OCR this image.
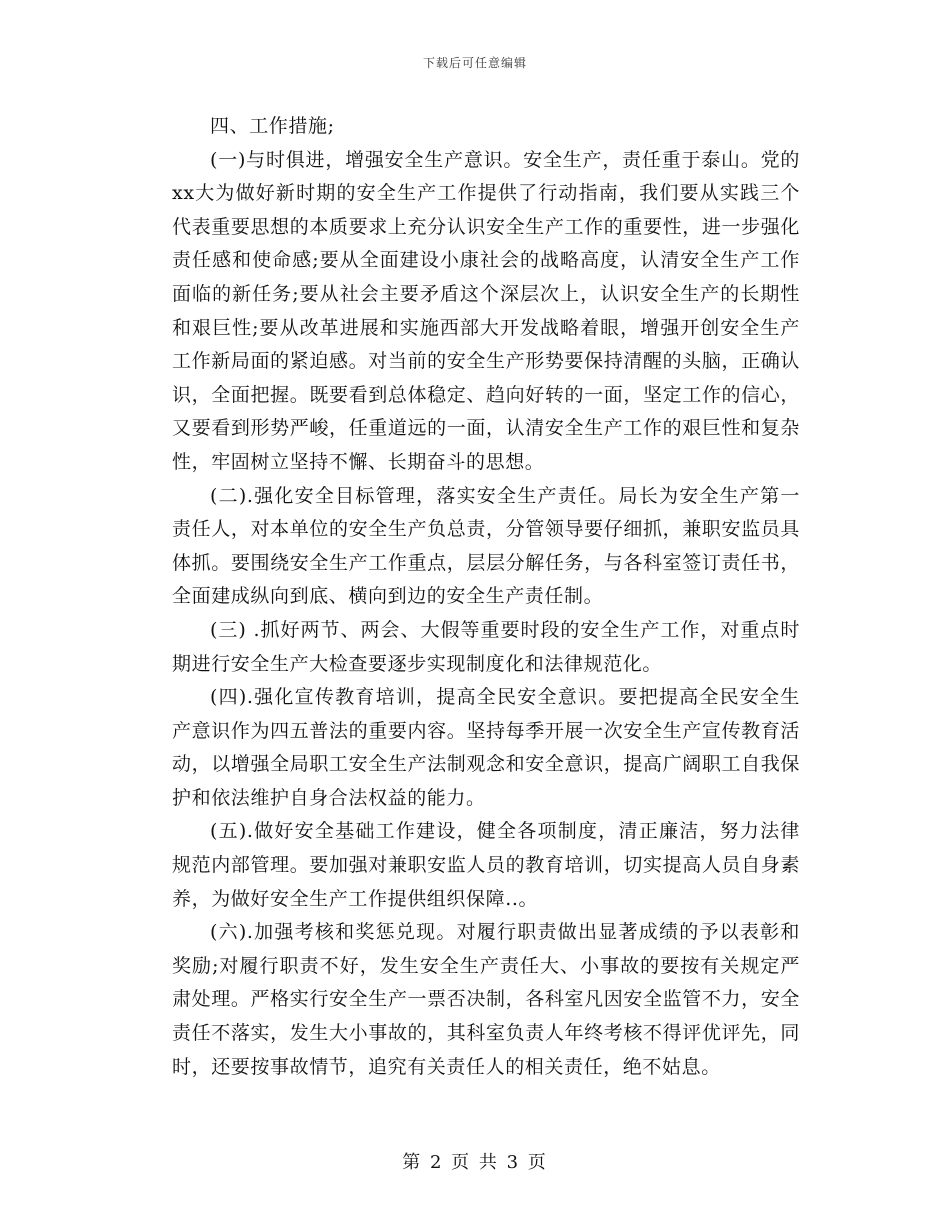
下载后可任意编辑

四、工作措施;

(一)与时俱进，增强安全生产意识。安全生产，责任重于泰山。党的xx大为做好新时期的安全生产工作提供了行动指南，我们要从实践三个代表重要思想的本质要求上充分认识安全生产工作的重要性，进一步强化责任感和使命感;要从全面建设小康社会的战略高度，认清安全生产工作面临的新任务;要从社会主要矛盾这个深层次上，认识安全生产的长期性和艰巨性;要从改革进展和实施西部大开发战略着眼，增强开创安全生产工作新局面的紧迫感。对当前的安全生产形势要保持清醒的头脑，正确认识，全面把握。既要看到总体稳定、趋向好转的一面，坚定工作的信心，又要看到形势严峻，任重道远的一面，认清安全生产工作的艰巨性和复杂性，牢固树立坚持不懈、长期奋斗的思想。

(二).强化安全目标管理，落实安全生产责任。局长为安全生产第一责任人，对本单位的安全生产负总责，分管领导要仔细抓，兼职安监员具体抓。要围绕安全生产工作重点，层层分解任务，与各科室签订责任书，全面建成纵向到底、横向到边的安全生产责任制。

(三) .抓好两节、两会、大假等重要时段的安全生产工作，对重点时期进行安全生产大检查要逐步实现制度化和法律规范化。

(四).强化宣传教育培训，提高全民安全意识。要把提高全民安全生产意识作为四五普法的重要内容。坚持每季开展一次安全生产宣传教育活动，以增强全局职工安全生产法制观念和安全意识，提高广阔职工自我保护和依法维护自身合法权益的能力。

(五).做好安全基础工作建设，健全各项制度，清正廉洁，努力法律规范内部管理。要加强对兼职安监人员的教育培训，切实提高人员自身素养，为做好安全生产工作提供组织保障..。

(六).加强考核和奖惩兑现。对履行职责做出显著成绩的予以表彰和奖励;对履行职责不好，发生安全生产责任大、小事故的要按有关规定严肃处理。严格实行安全生产一票否决制，各科室凡因安全监管不力，安全责任不落实，发生大小事故的，其科室负责人年终考核不得评优评先，同时，还要按事故情节，追究有关责任人的相关责任，绝不姑息。

第 2 页 共 3 页
